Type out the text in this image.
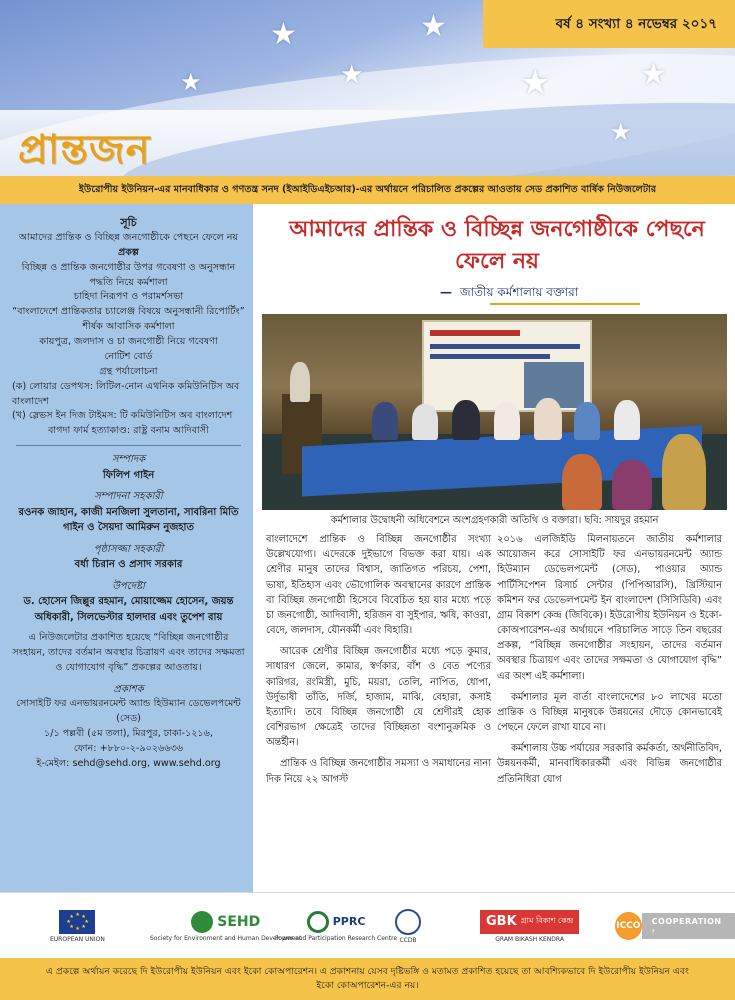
★
★
★
★	★
★
★
বর্ষ ৪ সংখ্যা ৪ নভেম্বর ২০১৭
প্রান্তজন
ইউরোপীয় ইউনিয়ন-এর মানবাধিকার ও গণতন্ত্র সনদ (ইআইডিএইচআর)-এর অর্থায়নে পরিচালিত প্রকল্পের আওতায় সেড প্রকাশিত বার্ষিক নিউজলেটার
সূচি
আমাদের প্রান্তিক ও বিচ্ছিন্ন জনগোষ্ঠীকে পেছনে ফেলে নয়
প্রকল্প
বিচ্ছিন্ন ও প্রান্তিক জনগোষ্ঠীর উপর গবেষণা ও অনুসন্ধান পদ্ধতি নিয়ে কর্মশালা
চাহিদা নিরূপণ ও পরামর্শসভা
“বাংলাদেশে প্রান্তিকতার চ্যালেঞ্জ বিষয়ে অনুসন্ধানী রিপোর্টিং” শীর্ষক আবাসিক কর্মশালা
কায়পুত্র, জলদাস ও চা জনগোষ্ঠী নিয়ে গবেষণা
নোটিশ বোর্ড
গ্রন্থ পর্যালোচনা
(ক) লোয়ার ডেপথস: লিটিল-নোন এথনিক কমিউনিটিস অব বাংলাদেশ
(খ) স্লেভস ইন দিজ টাইমস: টি কমিউনিটিস অব বাংলাদেশ
বাগদা ফার্ম হত্যাকাণ্ড: রাষ্ট্র বনাম আদিবাসী
সম্পাদক
ফিলিপ গাইন
সম্পাদনা সহকারী
রওনক জাহান, কাজী মনজিলা সুলতানা, সাবরিনা মিতি গাইন ও সৈয়দা আমিরুন নুজহাত
পৃষ্ঠাসজ্জা সহকারী
বর্ধা চিরান ও প্রসাদ সরকার
উপদেষ্টা
ড. হোসেন জিল্লুর রহমান, মোয়াজ্জেম হোসেন, জয়ন্ত অধিকারী, সিলভেস্টার হালদার এবং তুপেশ রায়
এ নিউজলেটার প্রকাশিত হয়েছে “বিচ্ছিন্ন জনগোষ্ঠীর সংহায়ন, তাদের বর্তমান অবস্থার চিত্রায়ণ এবং তাদের সক্ষমতা ও যোগাযোগ বৃদ্ধি” প্রকল্পের আওতায়।
প্রকাশক
সোসাইটি ফর এনভায়রনমেন্ট অ্যান্ড হিউম্যান ডেভেলপমেন্ট (সেড)
১/১ পল্লবী (৫ম তলা), মিরপুর, ঢাকা-১২১৬,
ফোন: +৮৮০-২-৯০২৬৬৩৬
ই-মেইল: sehd@sehd.org, www.sehd.org
আমাদের প্রান্তিক ও বিচ্ছিন্ন জনগোষ্ঠীকে পেছনে ফেলে নয়
— জাতীয় কর্মশালায় বক্তারা
কর্মশালার উদ্বোধনী অধিবেশনে অংশগ্রহণকারী অতিথি ও বক্তারা। ছবি: সায়দুর রহমান

বাংলাদেশে প্রান্তিক ও বিচ্ছিন্ন জনগোষ্ঠীর সংখ্যা উল্লেখযোগ্য। এদেরকে দুইভাগে বিভক্ত করা যায়। এক শ্রেণীর মানুষ তাদের বিশ্বাস, জাতিগত পরিচয়, পেশা, ভাষা, ইতিহাস এবং ভৌগোলিক অবস্থানের কারণে প্রান্তিক বা বিচ্ছিন্ন জনগোষ্ঠী হিসেবে বিবেচিত হয় যার মধ্যে পড়ে চা জনগোষ্ঠী, আদিবাসী, হরিজন বা সুইপার, ঋষি, কাওরা, বেদে, জলদাস, যৌনকর্মী এবং বিহারি।

আরেক শ্রেণীর বিচ্ছিন্ন জনগোষ্ঠীর মধ্যে পড়ে কুমার, সাধারণ জেলে, কামার, স্বর্ণকার, বাঁশ ও বেত পণ্যের কারিগর, রংমিস্ত্রী, মুচি, ময়রা, তেলি, নাপিত, ধোপা, উর্দুভাষী তাঁতি, দর্জি, হাজাম, মাঝি, বেহারা, কসাই ইত্যাদি। তবে বিচ্ছিন্ন জনগোষ্ঠী যে শ্রেণীরই হোক বেশিরভাগ ক্ষেত্রেই তাদের বিচ্ছিন্নতা বংশানুক্রমিক ও অন্তর্হীন।

প্রান্তিক ও বিচ্ছিন্ন জনগোষ্ঠীর সমস্যা ও সমাধানের নানা দিক নিয়ে ২২ আগস্ট

২০১৬ এলজিইডি মিলনায়তনে জাতীয় কর্মশালার আয়োজন করে সোসাইটি ফর এনভায়রনমেন্ট অ্যান্ড হিউম্যান ডেভেলপমেন্ট (সেড), পাওয়ার অ্যান্ড পার্টিসিপেশন রিসার্চ সেন্টার (পিপিআরসি), খ্রিস্টিয়ান কমিশন ফর ডেভেলপমেন্ট ইন বাংলাদেশ (সিসিডিবি) এবং গ্রাম বিকাশ কেন্দ্র (জিবিকে)। ইউরোপীয় ইউনিয়ন ও ইকো-কোঅপারেশন-এর অর্থায়নে পরিচালিত সাড়ে তিন বছরের প্রকল্প, “বিচ্ছিন্ন জনগোষ্ঠীর সংহায়ন, তাদের বর্তমান অবস্থার চিত্রায়ণ এবং তাদের সক্ষমতা ও যোগাযোগ বৃদ্ধি” এর অংশ এই কর্মশালা।

কর্মশালার মূল বার্তা বাংলাদেশের ৮০ লাখের মতো প্রান্তিক ও বিচ্ছিন্ন মানুষকে উন্নয়নের দৌড়ে কোনভাবেই পেছনে ফেলে রাখা যাবে না।

কর্মশালায় উচ্চ পর্যায়ের সরকারি কর্মকর্তা, অর্থনীতিবিদ, উন্নয়নকর্মী, মানবাধিকারকর্মী এবং বিভিন্ন জনগোষ্ঠীর প্রতিনিধিরা যোগ

★ ★
★
★
★
★
★
★
EUROPEAN UNION
SEHD
Society for Environment and Human Development
PPRC
Power and Participation Research Centre CCDB
GBK গ্রাম বিকাশ কেন্দ্র
GRAM BIKASH KENDRA
ICCO	COOPERATION ›
এ প্রকল্পে অর্থায়ন করেছে দি ইউরোপীয় ইউনিয়ন এবং ইকো কোঅপারেশন। এ প্রকাশনায় যেসব দৃষ্টিভঙ্গি ও মতামত প্রকাশিত হয়েছে তা আবশ্যিকভাবে দি ইউরোপীয় ইউনিয়ন এবং ইকো কোঅপারেশন-এর নয়।
